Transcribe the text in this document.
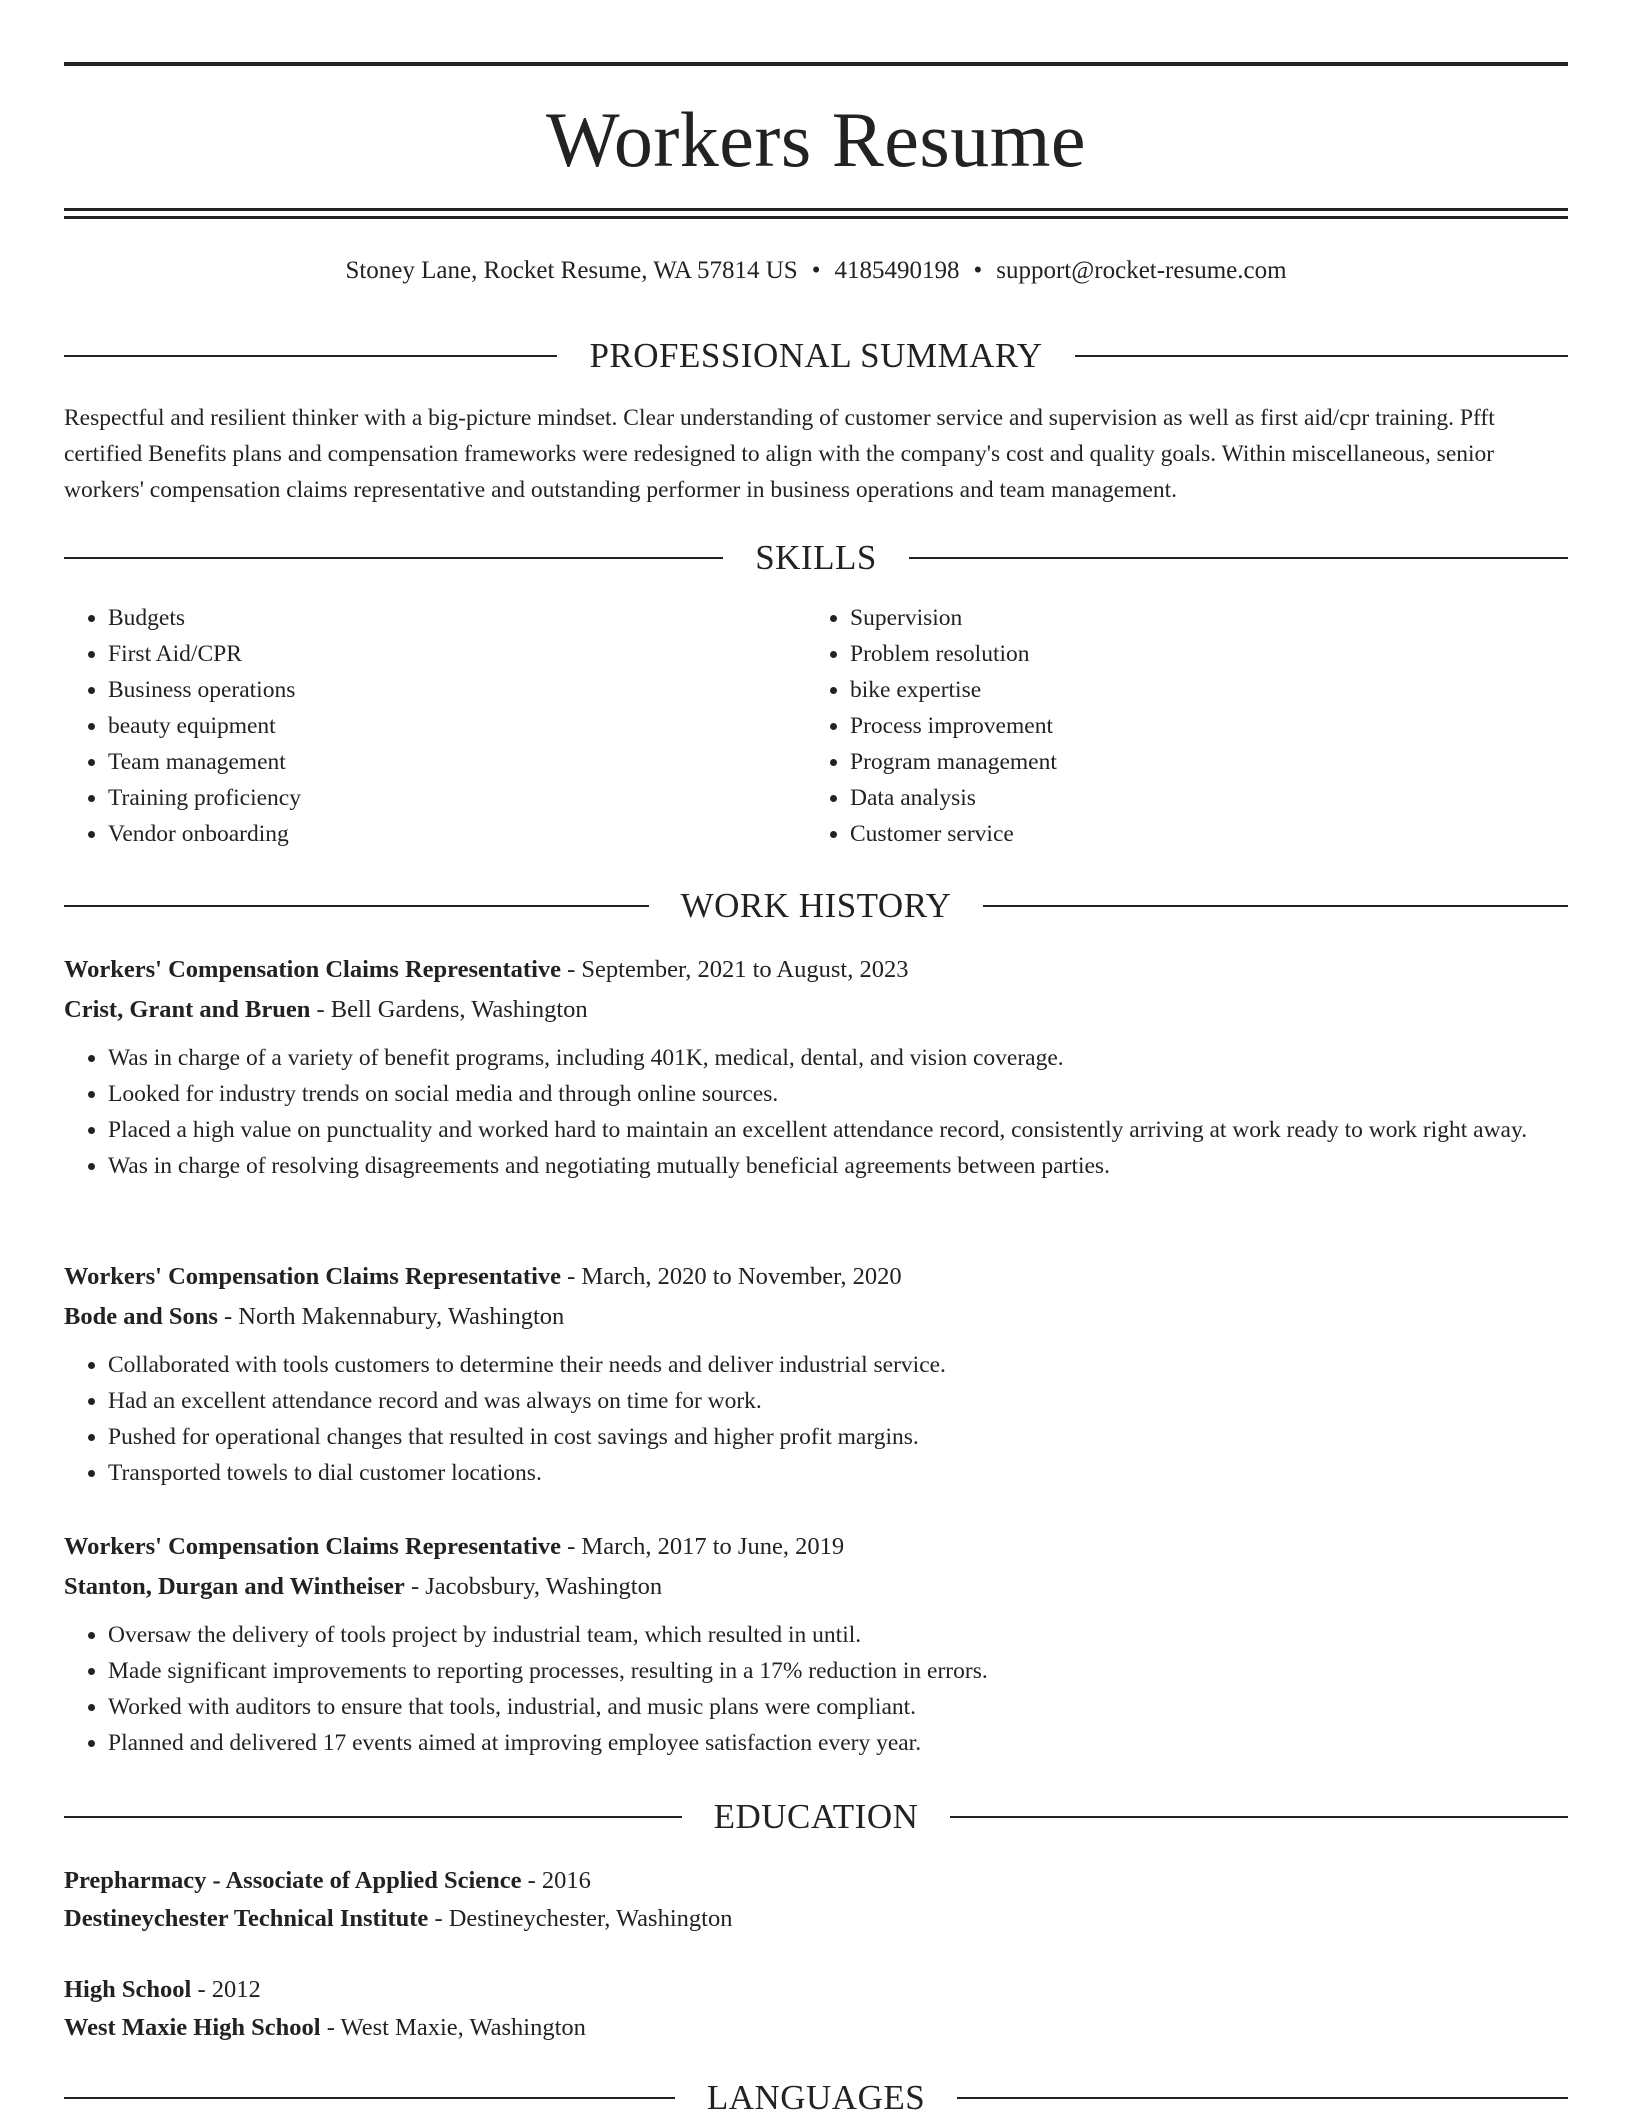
Workers Resume
Stoney Lane, Rocket Resume, WA 57814 US • 4185490198 • support@rocket-resume.com
PROFESSIONAL SUMMARY
Respectful and resilient thinker with a big-picture mindset. Clear understanding of customer service and supervision as well as first aid/cpr training. Pfft certified Benefits plans and compensation frameworks were redesigned to align with the company's cost and quality goals. Within miscellaneous, senior workers' compensation claims representative and outstanding performer in business operations and team management.
SKILLS
• Budgets
• First Aid/CPR
• Business operations
• beauty equipment
• Team management
• Training proficiency
• Vendor onboarding
• Supervision
• Problem resolution
• bike expertise
• Process improvement
• Program management
• Data analysis
• Customer service
WORK HISTORY
Workers' Compensation Claims Representative - September, 2021 to August, 2023
Crist, Grant and Bruen - Bell Gardens, Washington
• Was in charge of a variety of benefit programs, including 401K, medical, dental, and vision coverage.
• Looked for industry trends on social media and through online sources.
• Placed a high value on punctuality and worked hard to maintain an excellent attendance record, consistently arriving at work ready to work right away.
• Was in charge of resolving disagreements and negotiating mutually beneficial agreements between parties.
Workers' Compensation Claims Representative - March, 2020 to November, 2020
Bode and Sons - North Makennabury, Washington
• Collaborated with tools customers to determine their needs and deliver industrial service.
• Had an excellent attendance record and was always on time for work.
• Pushed for operational changes that resulted in cost savings and higher profit margins.
• Transported towels to dial customer locations.
Workers' Compensation Claims Representative - March, 2017 to June, 2019
Stanton, Durgan and Wintheiser - Jacobsbury, Washington
• Oversaw the delivery of tools project by industrial team, which resulted in until.
• Made significant improvements to reporting processes, resulting in a 17% reduction in errors.
• Worked with auditors to ensure that tools, industrial, and music plans were compliant.
• Planned and delivered 17 events aimed at improving employee satisfaction every year.
EDUCATION
Prepharmacy - Associate of Applied Science - 2016
Destineychester Technical Institute - Destineychester, Washington
High School - 2012
West Maxie High School - West Maxie, Washington
LANGUAGES
